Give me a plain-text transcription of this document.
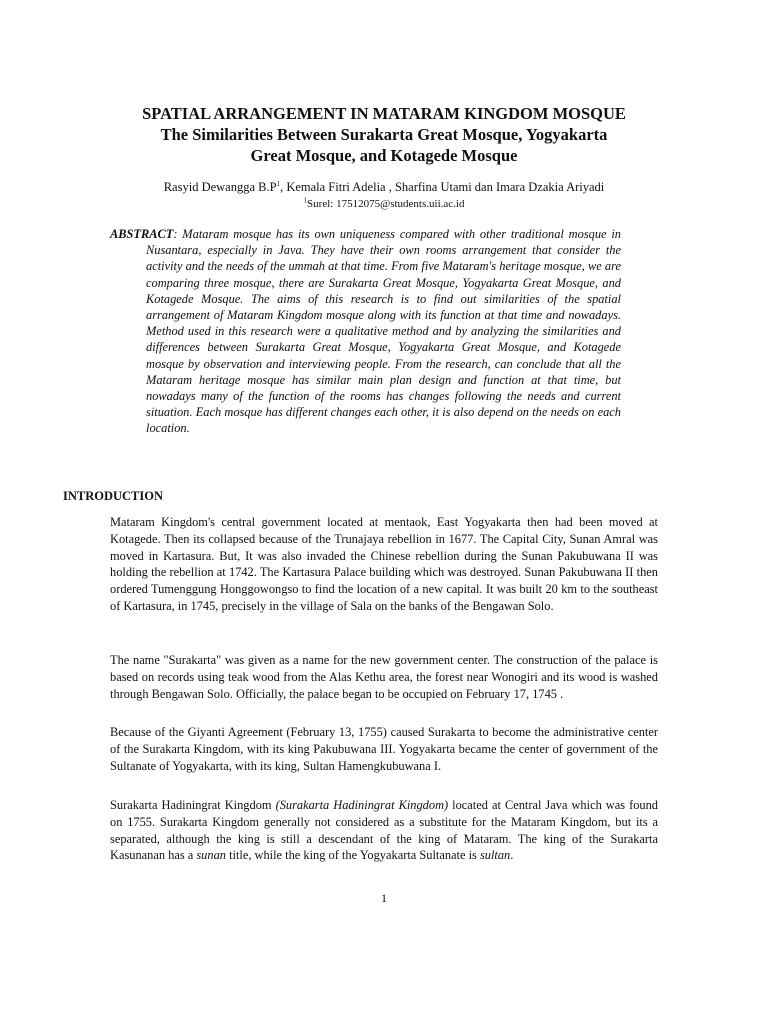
SPATIAL ARRANGEMENT IN MATARAM KINGDOM MOSQUE
The Similarities Between Surakarta Great Mosque, Yogyakarta
Great Mosque, and Kotagede Mosque
Rasyid Dewangga $B.P^1$, Kemala Fitri Adelia , Sharfina Utami dan Imara Dzakia Ariyadi
$^1$Surel: 17512075@students.uii.ac.id
ABSTRACT: Mataram mosque has its own uniqueness compared with other traditional mosque in Nusantara, especially in Java. They have their own rooms arrangement that consider the activity and the needs of the ummah at that time. From five Mataram's heritage mosque, we are comparing three mosque, there are Surakarta Great Mosque, Yogyakarta Great Mosque, and Kotagede Mosque. The aims of this research is to find out similarities of the spatial arrangement of Mataram Kingdom mosque along with its function at that time and nowadays. Method used in this research were a qualitative method and by analyzing the similarities and differences between Surakarta Great Mosque, Yogyakarta Great Mosque, and Kotagede mosque by observation and interviewing people. From the research, can conclude that all the Mataram heritage mosque has similar main plan design and function at that time, but nowadays many of the function of the rooms has changes following the needs and current situation. Each mosque has different changes each other, it is also depend on the needs on each location.
INTRODUCTION
Mataram Kingdom's central government located at mentaok, East Yogyakarta then had been moved at Kotagede. Then its collapsed because of the Trunajaya rebellion in 1677. The Capital City, Sunan Amral was moved in Kartasura. But, It was also invaded the Chinese rebellion during the Sunan Pakubuwana II was holding the rebellion at 1742. The Kartasura Palace building which was destroyed. Sunan Pakubuwana II then ordered Tumenggung Honggowongso to find the location of a new capital. It was built 20 km to the southeast of Kartasura, in 1745, precisely in the village of Sala on the banks of the Bengawan Solo.
The name "Surakarta" was given as a name for the new government center. The construction of the palace is based on records using teak wood from the Alas Kethu area, the forest near Wonogiri and its wood is washed through Bengawan Solo. Officially, the palace began to be occupied on February 17, 1745 .
Because of the Giyanti Agreement (February 13, 1755) caused Surakarta to become the administrative center of the Surakarta Kingdom, with its king Pakubuwana III. Yogyakarta became the center of government of the Sultanate of Yogyakarta, with its king, Sultan Hamengkubuwana I.
Surakarta Hadiningrat Kingdom (Surakarta Hadiningrat Kingdom) located at Central Java which was found on 1755. Surakarta Kingdom generally not considered as a substitute for the Mataram Kingdom, but its a separated, although the king is still a descendant of the king of Mataram. The king of the Surakarta Kasunanan has a sunan title, while the king of the Yogyakarta Sultanate is sultan.
1
